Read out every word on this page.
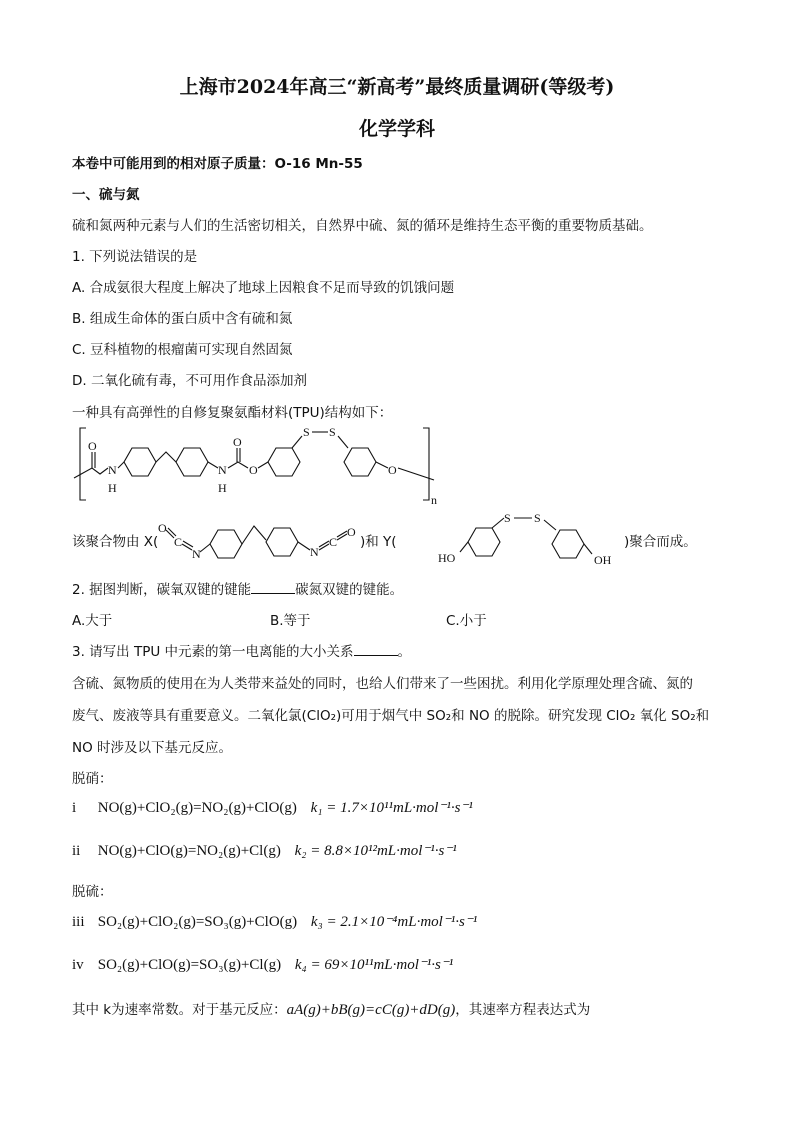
上海市2024年高三“新高考”最终质量调研(等级考)
化学学科
本卷中可能用到的相对原子质量：O-16 Mn-55
一、硫与氮
硫和氮两种元素与人们的生活密切相关，自然界中硫、氮的循环是维持生态平衡的重要物质基础。
1. 下列说法错误的是
A. 合成氨很大程度上解决了地球上因粮食不足而导致的饥饿问题
B. 组成生命体的蛋白质中含有硫和氮
C. 豆科植物的根瘤菌可实现自然固氮
D. 二氧化硫有毒，不可用作食品添加剂
一种具有高弹性的自修复聚氨酯材料(TPU)结构如下：
n
O
N
H
N
H
O
O
S S
O
该聚合物由 X(
O
C
N	N
C
O
)和 Y(
HO
S S
OH
)聚合而成。
2. 据图判断，碳氧双键的键能	碳氮双键的键能。
A.大于	B.等于	C.小于
3. 请写出 TPU 中元素的第一电离能的大小关系	。
含硫、氮物质的使用在为人类带来益处的同时，也给人们带来了一些困扰。利用化学原理处理含硫、氮的
废气、废液等具有重要意义。二氧化氯(ClO₂)可用于烟气中 SO₂和 NO 的脱除。研究发现 ClO₂ 氧化 SO₂和
NO 时涉及以下基元反应。
脱硝：
i NO(g)+ClO₂(g)=NO₂(g)+ClO(g) k₁ = 1.7×10¹¹mL·mol⁻¹·s⁻¹
ii NO(g)+ClO(g)=NO₂(g)+Cl(g) k₂ = 8.8×10¹²mL·mol⁻¹·s⁻¹
脱硫：
iii SO₂(g)+ClO₂(g)=SO₃(g)+ClO(g) k₃ = 2.1×10⁻⁴mL·mol⁻¹·s⁻¹
iv SO₂(g)+ClO(g)=SO₃(g)+Cl(g) k₄ = 69×10¹¹mL·mol⁻¹·s⁻¹
其中 k为速率常数。对于基元反应：aA(g)+bB(g)=cC(g)+dD(g)，其速率方程表达式为
